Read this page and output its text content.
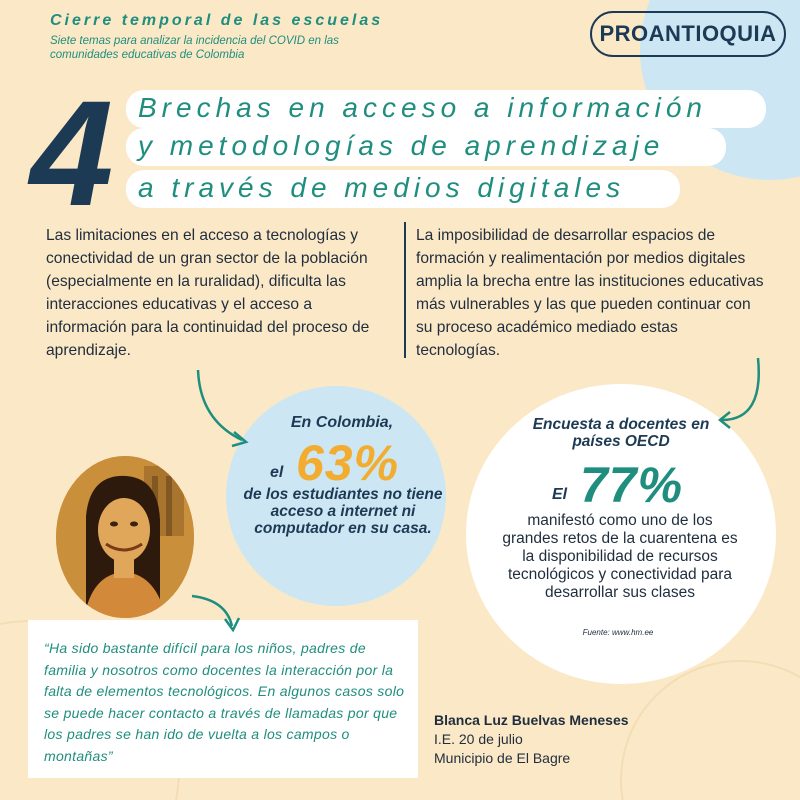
Cierre temporal de las escuelas
Siete temas para analizar la incidencia del COVID en las comunidades educativas de Colombia
PROANTIOQUIA
4 Brechas en acceso a información
y metodologías de aprendizaje
a través de medios digitales
Las limitaciones en el acceso a tecnologías y conectividad de un gran sector de la población (especialmente en la ruralidad), dificulta las interacciones educativas y el acceso a información para la continuidad del proceso de aprendizaje.
La imposibilidad de desarrollar espacios de formación y realimentación por medios digitales amplia la brecha entre las instituciones educativas más vulnerables y las que pueden continuar con su proceso académico mediado estas tecnologías.
En Colombia,
el 63%
de los estudiantes no tiene acceso a internet ni computador en su casa.
Encuesta a docentes en países OECD
El 77%
manifestó como uno de los grandes retos de la cuarentena es la disponibilidad de recursos tecnológicos y conectividad para desarrollar sus clases
Fuente: www.hm.ee
“Ha sido bastante difícil para los niños, padres de familia y nosotros como docentes la interacción por la falta de elementos tecnológicos. En algunos casos solo se puede hacer contacto a través de llamadas por que los padres se han ido de vuelta a los campos o montañas”
Blanca Luz Buelvas Meneses
I.E. 20 de julio
Municipio de El Bagre
